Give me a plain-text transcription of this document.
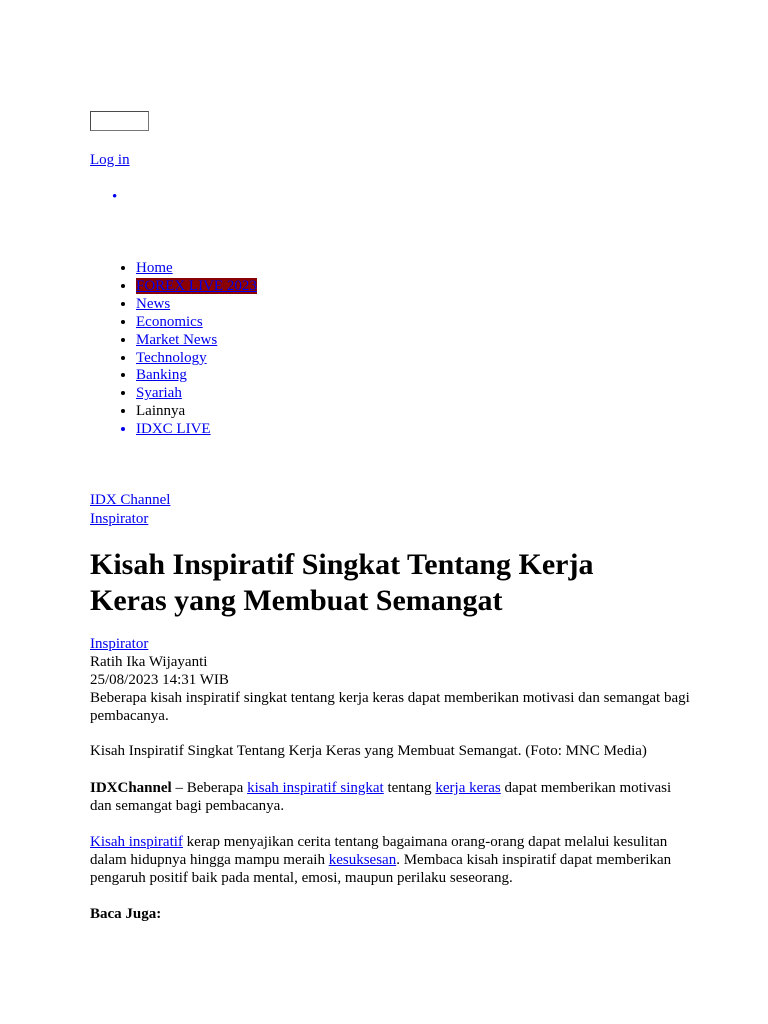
Log in
•
• Home
• FOREX LIVE 2023
• News
• Economics
• Market News
• Technology
• Banking
• Syariah
• Lainnya
• IDXC LIVE
IDX Channel
Inspirator
Kisah Inspiratif Singkat Tentang Kerja Keras yang Membuat Semangat
Inspirator
Ratih Ika Wijayanti
25/08/2023 14:31 WIB
Beberapa kisah inspiratif singkat tentang kerja keras dapat memberikan motivasi dan semangat bagi pembacanya.

Kisah Inspiratif Singkat Tentang Kerja Keras yang Membuat Semangat. (Foto: MNC Media)

IDXChannel – Beberapa kisah inspiratif singkat tentang kerja keras dapat memberikan motivasi dan semangat bagi pembacanya.

Kisah inspiratif kerap menyajikan cerita tentang bagaimana orang-orang dapat melalui kesulitan dalam hidupnya hingga mampu meraih kesuksesan. Membaca kisah inspiratif dapat memberikan pengaruh positif baik pada mental, emosi, maupun perilaku seseorang.

Baca Juga:
